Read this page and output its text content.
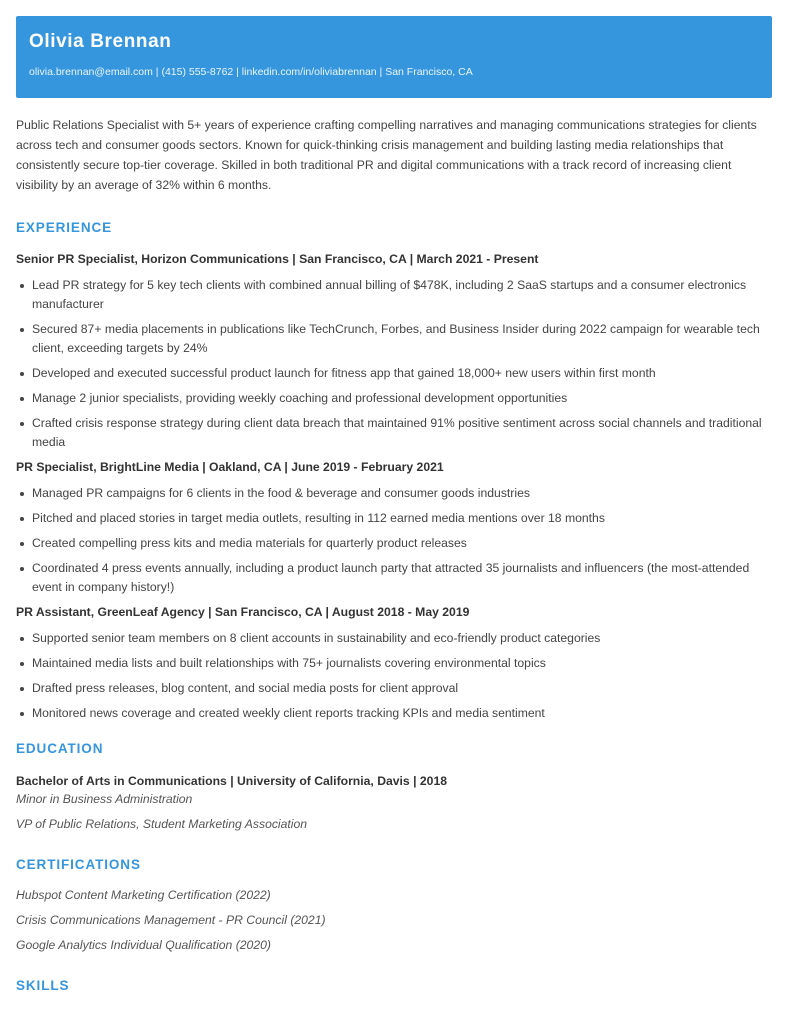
Olivia Brennan
olivia.brennan@email.com | (415) 555-8762 | linkedin.com/in/oliviabrennan | San Francisco, CA

Public Relations Specialist with 5+ years of experience crafting compelling narratives and managing communications strategies for clients across tech and consumer goods sectors. Known for quick-thinking crisis management and building lasting media relationships that consistently secure top-tier coverage. Skilled in both traditional PR and digital communications with a track record of increasing client visibility by an average of 32% within 6 months.

EXPERIENCE

Senior PR Specialist, Horizon Communications | San Francisco, CA | March 2021 - Present

Lead PR strategy for 5 key tech clients with combined annual billing of $478K, including 2 SaaS startups and a consumer electronics manufacturer
Secured 87+ media placements in publications like TechCrunch, Forbes, and Business Insider during 2022 campaign for wearable tech client, exceeding targets by 24%
Developed and executed successful product launch for fitness app that gained 18,000+ new users within first month
Manage 2 junior specialists, providing weekly coaching and professional development opportunities
Crafted crisis response strategy during client data breach that maintained 91% positive sentiment across social channels and traditional media

PR Specialist, BrightLine Media | Oakland, CA | June 2019 - February 2021

Managed PR campaigns for 6 clients in the food & beverage and consumer goods industries
Pitched and placed stories in target media outlets, resulting in 112 earned media mentions over 18 months
Created compelling press kits and media materials for quarterly product releases
Coordinated 4 press events annually, including a product launch party that attracted 35 journalists and influencers (the most-attended event in company history!)

PR Assistant, GreenLeaf Agency | San Francisco, CA | August 2018 - May 2019

Supported senior team members on 8 client accounts in sustainability and eco-friendly product categories
Maintained media lists and built relationships with 75+ journalists covering environmental topics
Drafted press releases, blog content, and social media posts for client approval
Monitored news coverage and created weekly client reports tracking KPIs and media sentiment
EDUCATION

Bachelor of Arts in Communications | University of California, Davis | 2018

Minor in Business Administration

VP of Public Relations, Student Marketing Association

CERTIFICATIONS

Hubspot Content Marketing Certification (2022)

Crisis Communications Management - PR Council (2021)

Google Analytics Individual Qualification (2020)

SKILLS
